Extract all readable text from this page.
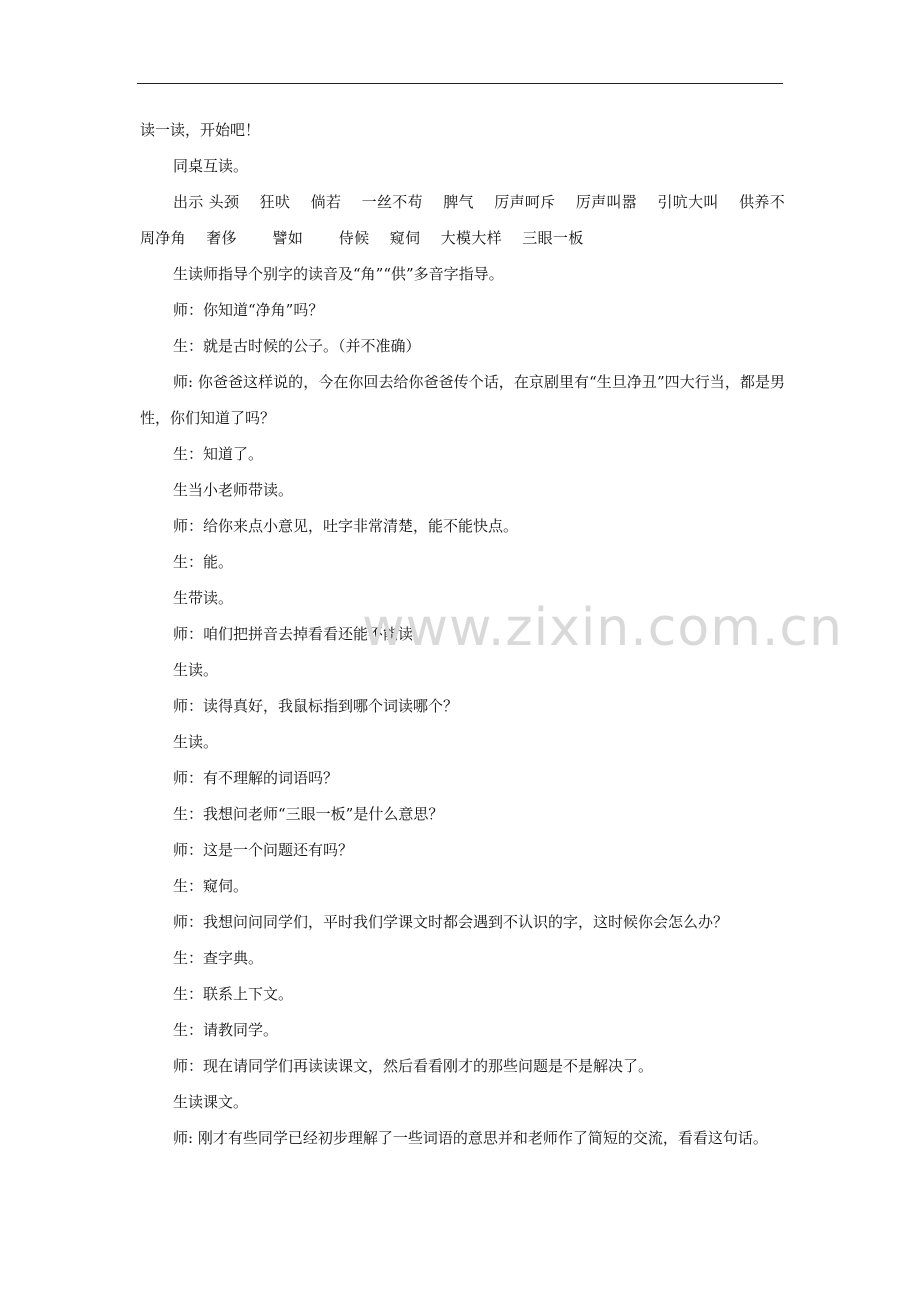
读一读，开始吧！

同桌互读。

出示 头颈　 狂吠　 倘若　 一丝不苟　 脾气　 厉声呵斥　 厉声叫嚣　 引吭大叫　 供养不周净角　 奢侈　　 譬如　　 侍候　 窥伺　 大模大样　 三眼一板

生读师指导个别字的读音及“角”“供”多音字指导。

师：你知道“净角”吗？

生：就是古时候的公子。（并不准确）

师: 你爸爸这样说的，今在你回去给你爸爸传个话，在京剧里有“生旦净丑”四大行当，都是男性，你们知道了吗？

生：知道了。

生当小老师带读。

师：给你来点小意见，吐字非常清楚，能不能快点。

生：能。

生带读。

师：咱们把拼音去掉看看还能不能读。

生读。

师：读得真好，我鼠标指到哪个词读哪个？

生读。

师：有不理解的词语吗？

生：我想问老师“三眼一板”是什么意思？

师：这是一个问题还有吗？

生：窥伺。

师：我想问问同学们，平时我们学课文时都会遇到不认识的字，这时候你会怎么办？

生：查字典。

生：联系上下文。

生：请教同学。

师：现在请同学们再读读课文，然后看看刚才的那些问题是不是解决了。

生读课文。

师: 刚才有些同学已经初步理解了一些词语的意思并和老师作了简短的交流，看看这句话。

www.zixin.com.cn
